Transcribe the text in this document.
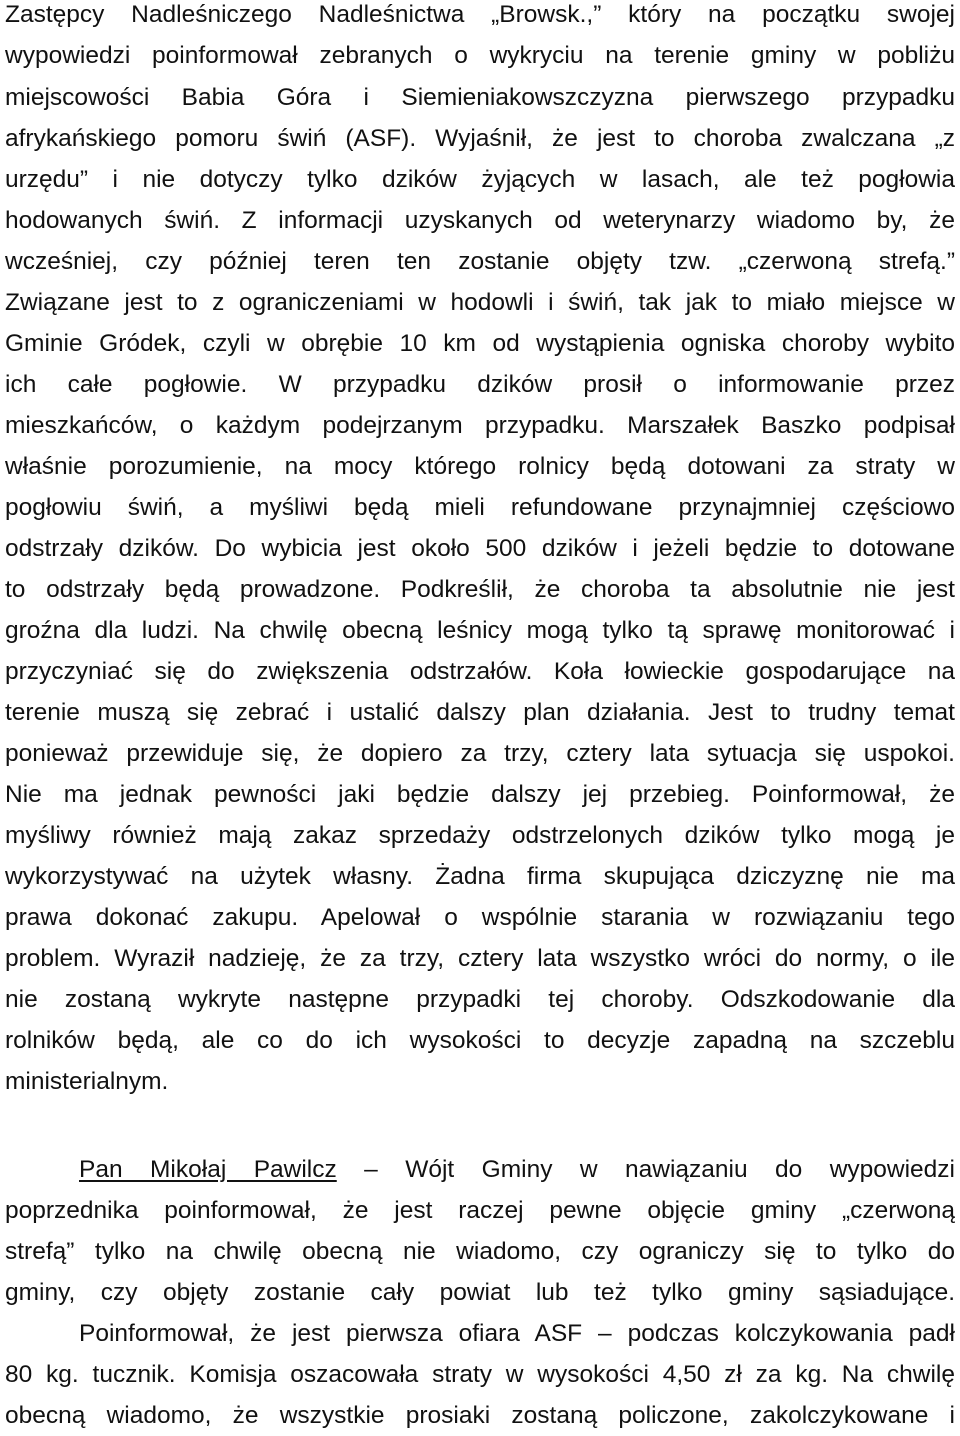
Zastępcy Nadleśniczego Nadleśnictwa „Browsk.,” który na początku swojej
wypowiedzi poinformował zebranych o wykryciu na terenie gminy w pobliżu
miejscowości Babia Góra i Siemieniakowszczyzna pierwszego przypadku
afrykańskiego pomoru świń (ASF). Wyjaśnił, że jest to choroba zwalczana „z
urzędu” i nie dotyczy tylko dzików żyjących w lasach, ale też pogłowia
hodowanych świń. Z informacji uzyskanych od weterynarzy wiadomo by, że
wcześniej, czy później teren ten zostanie objęty tzw. „czerwoną strefą.”
Związane jest to z ograniczeniami w hodowli i świń, tak jak to miało miejsce w
Gminie Gródek, czyli w obrębie 10 km od wystąpienia ogniska choroby wybito
ich całe pogłowie. W przypadku dzików prosił o informowanie przez
mieszkańców, o każdym podejrzanym przypadku. Marszałek Baszko podpisał
właśnie porozumienie, na mocy którego rolnicy będą dotowani za straty w
pogłowiu świń, a myśliwi będą mieli refundowane przynajmniej częściowo
odstrzały dzików. Do wybicia jest około 500 dzików i jeżeli będzie to dotowane
to odstrzały będą prowadzone. Podkreślił, że choroba ta absolutnie nie jest
groźna dla ludzi. Na chwilę obecną leśnicy mogą tylko tą sprawę monitorować i
przyczyniać się do zwiększenia odstrzałów. Koła łowieckie gospodarujące na
terenie muszą się zebrać i ustalić dalszy plan działania. Jest to trudny temat
ponieważ przewiduje się, że dopiero za trzy, cztery lata sytuacja się uspokoi.
Nie ma jednak pewności jaki będzie dalszy jej przebieg. Poinformował, że
myśliwy również mają zakaz sprzedaży odstrzelonych dzików tylko mogą je
wykorzystywać na użytek własny. Żadna firma skupująca dziczyznę nie ma
prawa dokonać zakupu. Apelował o wspólnie starania w rozwiązaniu tego
problem. Wyraził nadzieję, że za trzy, cztery lata wszystko wróci do normy, o ile
nie zostaną wykryte następne przypadki tej choroby. Odszkodowanie dla
rolników będą, ale co do ich wysokości to decyzje zapadną na szczeblu
ministerialnym.
Pan Mikołaj Pawilcz – Wójt Gminy w nawiązaniu do wypowiedzi
poprzednika poinformował, że jest raczej pewne objęcie gminy „czerwoną
strefą” tylko na chwilę obecną nie wiadomo, czy ograniczy się to tylko do
gminy, czy objęty zostanie cały powiat lub też tylko gminy sąsiadujące.
Poinformował, że jest pierwsza ofiara ASF – podczas kolczykowania padł
80 kg. tucznik. Komisja oszacowała straty w wysokości 4,50 zł za kg. Na chwilę
obecną wiadomo, że wszystkie prosiaki zostaną policzone, zakolczykowane i
